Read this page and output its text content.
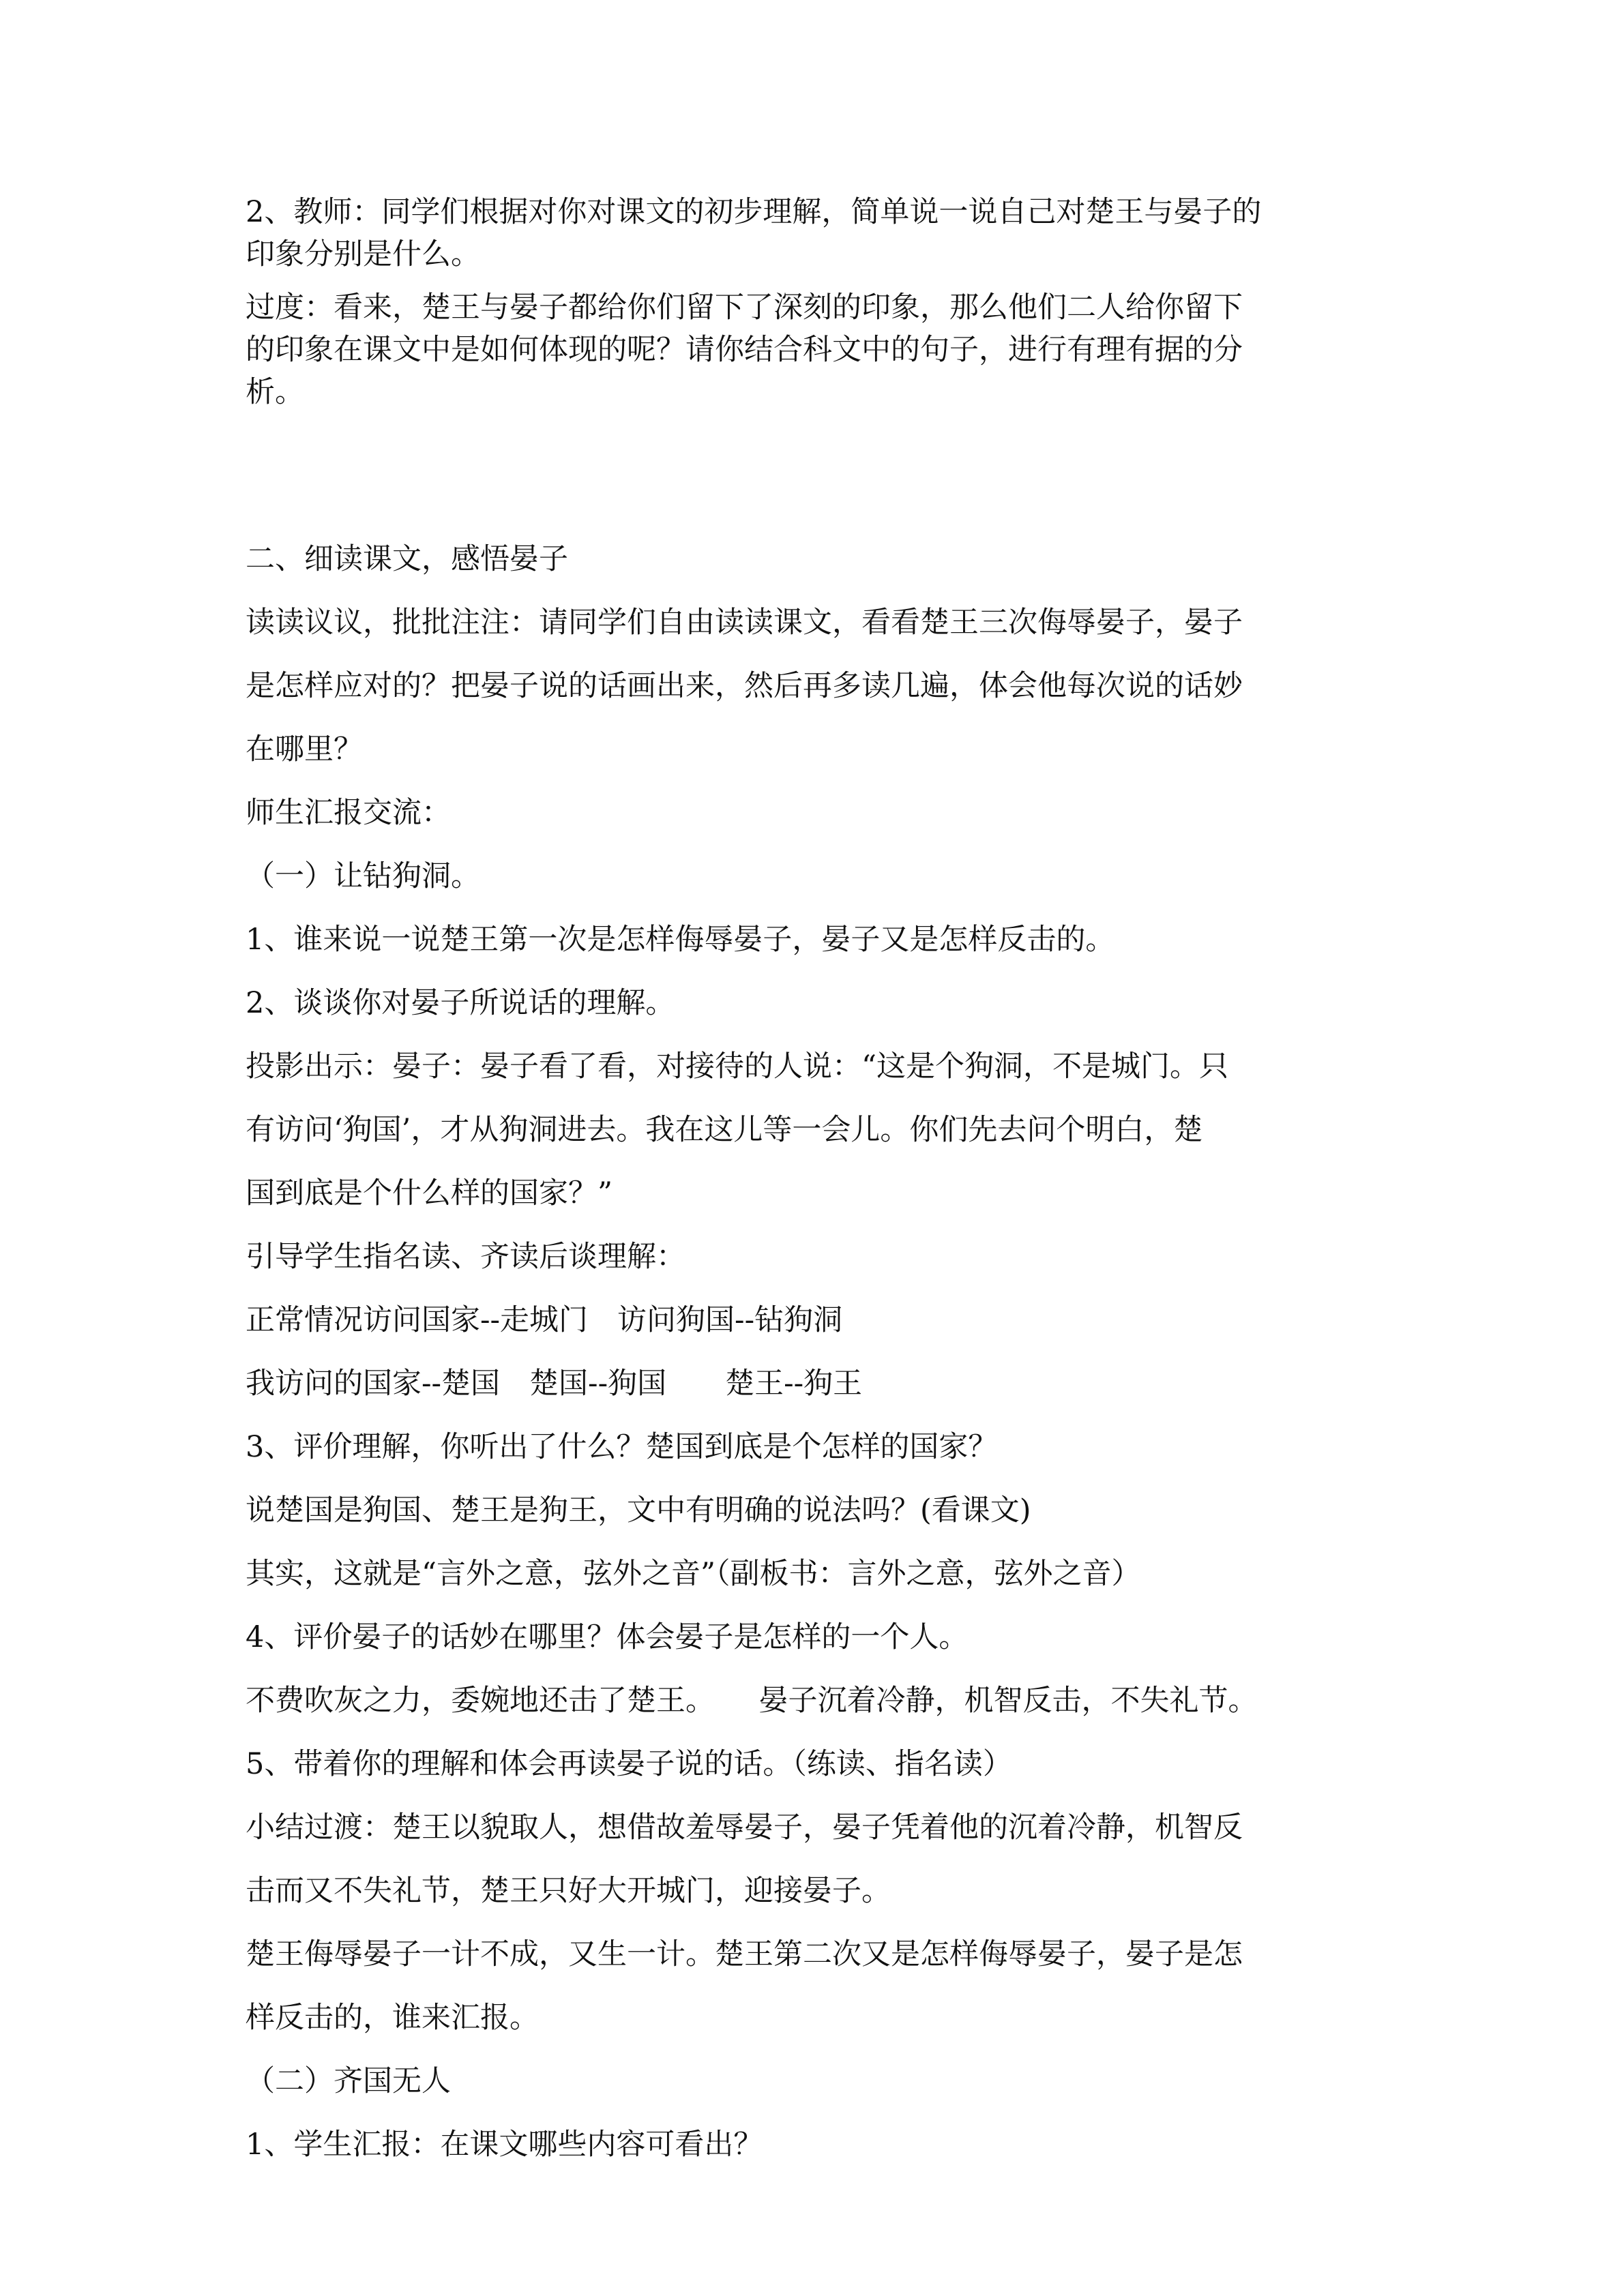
2、教师：同学们根据对你对课文的初步理解，简单说一说自己对楚王与晏子的

印象分别是什么。

过度：看来，楚王与晏子都给你们留下了深刻的印象，那么他们二人给你留下

的印象在课文中是如何体现的呢？请你结合科文中的句子，进行有理有据的分

析。

二、细读课文，感悟晏子

读读议议，批批注注：请同学们自由读读课文，看看楚王三次侮辱晏子，晏子

是怎样应对的？把晏子说的话画出来，然后再多读几遍，体会他每次说的话妙

在哪里？

师生汇报交流：

（一）让钻狗洞。

1、谁来说一说楚王第一次是怎样侮辱晏子，晏子又是怎样反击的。

2、谈谈你对晏子所说话的理解。

投影出示：晏子：晏子看了看，对接待的人说：“这是个狗洞，不是城门。只

有访问‘狗国’，才从狗洞进去。我在这儿等一会儿。你们先去问个明白，楚

国到底是个什么样的国家？”

引导学生指名读、齐读后谈理解：

正常情况访问国家--走城门　访问狗国--钻狗洞

我访问的国家--楚国　楚国--狗国　　楚王--狗王

3、评价理解，你听出了什么？楚国到底是个怎样的国家？

说楚国是狗国、楚王是狗王，文中有明确的说法吗？(看课文)

其实，这就是“言外之意，弦外之音”（副板书：言外之意，弦外之音）

4、评价晏子的话妙在哪里？体会晏子是怎样的一个人。

不费吹灰之力，委婉地还击了楚王。　　晏子沉着冷静，机智反击，不失礼节。

5、带着你的理解和体会再读晏子说的话。（练读、指名读）

小结过渡：楚王以貌取人，想借故羞辱晏子，晏子凭着他的沉着冷静，机智反

击而又不失礼节，楚王只好大开城门，迎接晏子。

楚王侮辱晏子一计不成，又生一计。楚王第二次又是怎样侮辱晏子，晏子是怎

样反击的，谁来汇报。

（二）齐国无人

1、学生汇报：在课文哪些内容可看出？
